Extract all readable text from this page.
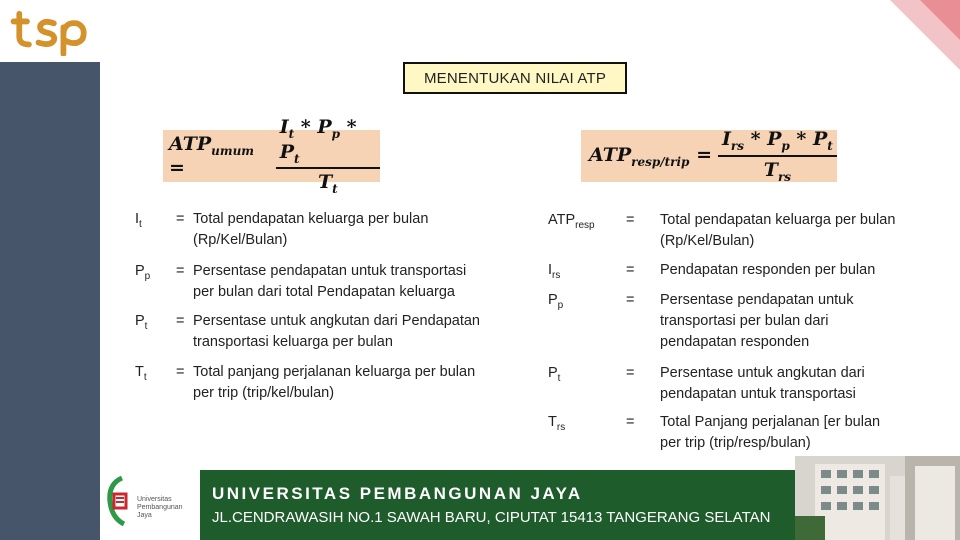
MENENTUKAN NILAI ATP
$ATP_{umum}$ =	$\frac{I_t * P_p * P_t}{T_t}$	$ATP_{resp/trip} = \frac{I_{rs} * P_p * P_t}{T_{rs}}$
$I_t$ = Total pendapatan keluarga per bulan
(Rp/Kel/Bulan)
$P_p$ = Persentase pendapatan untuk transportasi
per bulan dari total Pendapatan keluarga
$P_t$ = Persentase untuk angkutan dari Pendapatan
transportasi keluarga per bulan
$T_t$ = Total panjang perjalanan keluarga per bulan
per trip (trip/kel/bulan)
$ATP_{resp}$ = Total pendapatan keluarga per bulan
(Rp/Kel/Bulan)
$I_{rs}$	= Pendapatan responden per bulan
$P_p$	= Persentase pendapatan untuk
transportasi per bulan dari
pendapatan responden
$P_t$	= Persentase untuk angkutan dari
pendapatan untuk transportasi
$T_{rs}$	= Total Panjang perjalanan [er bulan
per trip (trip/resp/bulan)
Universitas
Pembangunan
Jaya
UNIVERSITAS PEMBANGUNAN JAYA
JL.CENDRAWASIH NO.1 SAWAH BARU, CIPUTAT 15413 TANGERANG SELATAN
